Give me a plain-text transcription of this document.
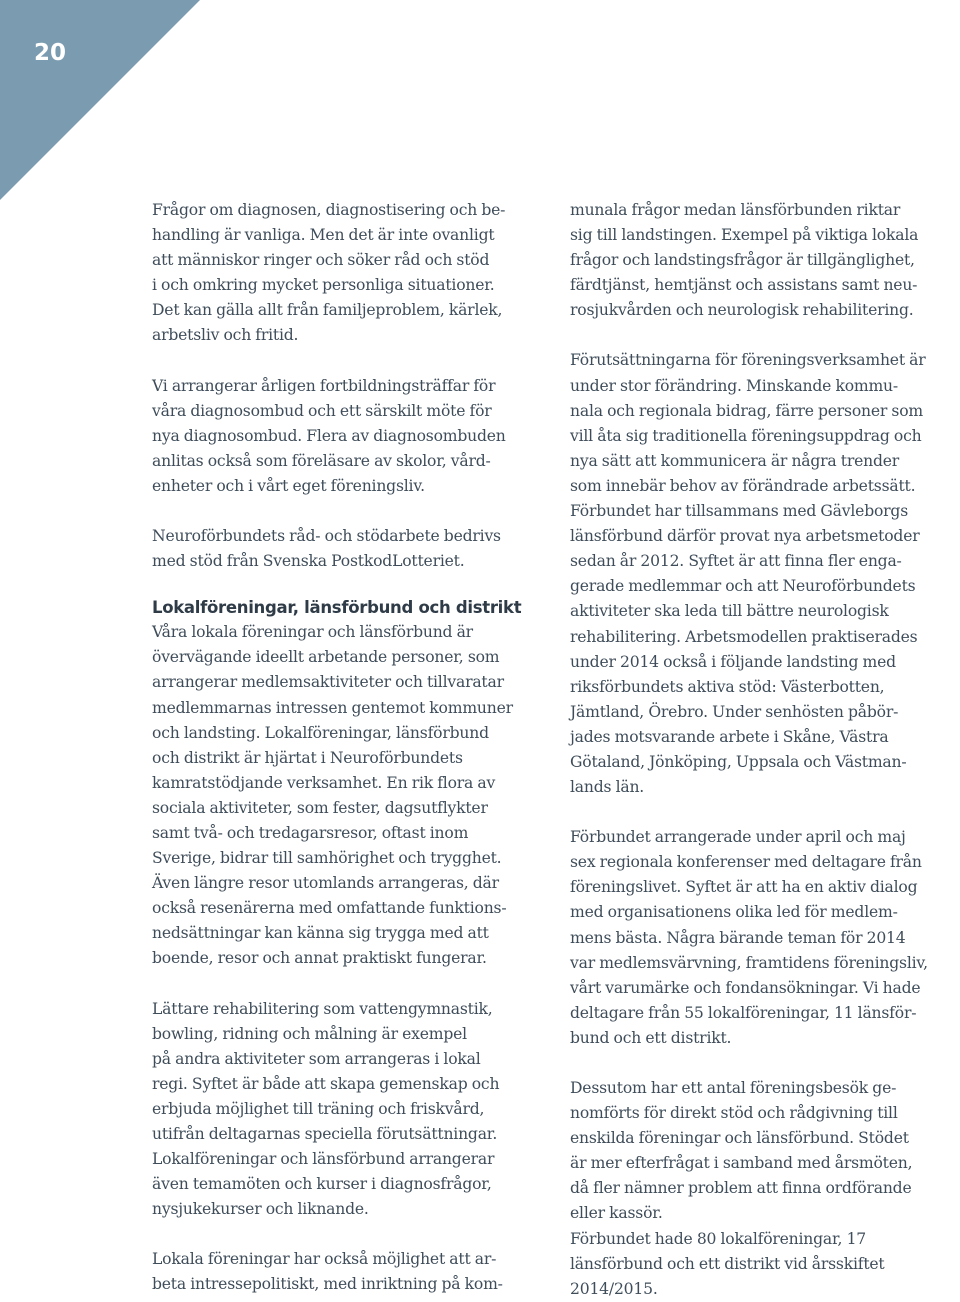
20

Frågor om diagnosen, diagnostisering och be-
handling är vanliga. Men det är inte ovanligt
att människor ringer och söker råd och stöd
i och omkring mycket personliga situationer.
Det kan gälla allt från familjeproblem, kärlek,
arbetsliv och fritid.

Vi arrangerar årligen fortbildningsträffar för
våra diagnosombud och ett särskilt möte för
nya diagnosombud. Flera av diagnosombuden
anlitas också som föreläsare av skolor, vård-
enheter och i vårt eget föreningsliv.

Neuroförbundets råd- och stödarbete bedrivs
med stöd från Svenska PostkodLotteriet.

Lokalföreningar, länsförbund och distrikt

Våra lokala föreningar och länsförbund är
övervägande ideellt arbetande personer, som
arrangerar medlemsaktiviteter och tillvaratar
medlemmarnas intressen gentemot kommuner
och landsting. Lokalföreningar, länsförbund
och distrikt är hjärtat i Neuroförbundets
kamratstödjande verksamhet. En rik flora av
sociala aktiviteter, som fester, dagsutflykter
samt två- och tredagarsresor, oftast inom
Sverige, bidrar till samhörighet och trygghet.
Även längre resor utomlands arrangeras, där
också resenärerna med omfattande funktions-
nedsättningar kan känna sig trygga med att
boende, resor och annat praktiskt fungerar.

Lättare rehabilitering som vattengymnastik,
bowling, ridning och målning är exempel
på andra aktiviteter som arrangeras i lokal
regi. Syftet är både att skapa gemenskap och
erbjuda möjlighet till träning och friskvård,
utifrån deltagarnas speciella förutsättningar.
Lokalföreningar och länsförbund arrangerar
även temamöten och kurser i diagnosfrågor,
nysjukekurser och liknande.

Lokala föreningar har också möjlighet att ar-
beta intressepolitiskt, med inriktning på kom-

munala frågor medan länsförbunden riktar
sig till landstingen. Exempel på viktiga lokala
frågor och landstingsfrågor är tillgänglighet,
färdtjänst, hemtjänst och assistans samt neu-
rosjukvården och neurologisk rehabilitering.

Förutsättningarna för föreningsverksamhet är
under stor förändring. Minskande kommu-
nala och regionala bidrag, färre personer som
vill åta sig traditionella föreningsuppdrag och
nya sätt att kommunicera är några trender
som innebär behov av förändrade arbetssätt.
Förbundet har tillsammans med Gävleborgs
länsförbund därför provat nya arbetsmetoder
sedan år 2012. Syftet är att finna fler enga-
gerade medlemmar och att Neuroförbundets
aktiviteter ska leda till bättre neurologisk
rehabilitering. Arbetsmodellen praktiserades
under 2014 också i följande landsting med
riksförbundets aktiva stöd: Västerbotten,
Jämtland, Örebro. Under senhösten påbör-
jades motsvarande arbete i Skåne, Västra
Götaland, Jönköping, Uppsala och Västman-
lands län.

Förbundet arrangerade under april och maj
sex regionala konferenser med deltagare från
föreningslivet. Syftet är att ha en aktiv dialog
med organisationens olika led för medlem-
mens bästa. Några bärande teman för 2014
var medlemsvärvning, framtidens föreningsliv,
vårt varumärke och fondansökningar. Vi hade
deltagare från 55 lokalföreningar, 11 länsför-
bund och ett distrikt.

Dessutom har ett antal föreningsbesök ge-
nomförts för direkt stöd och rådgivning till
enskilda föreningar och länsförbund. Stödet
är mer efterfrågat i samband med årsmöten,
då fler nämner problem att finna ordförande
eller kassör.
Förbundet hade 80 lokalföreningar, 17
länsförbund och ett distrikt vid årsskiftet
2014/2015.
